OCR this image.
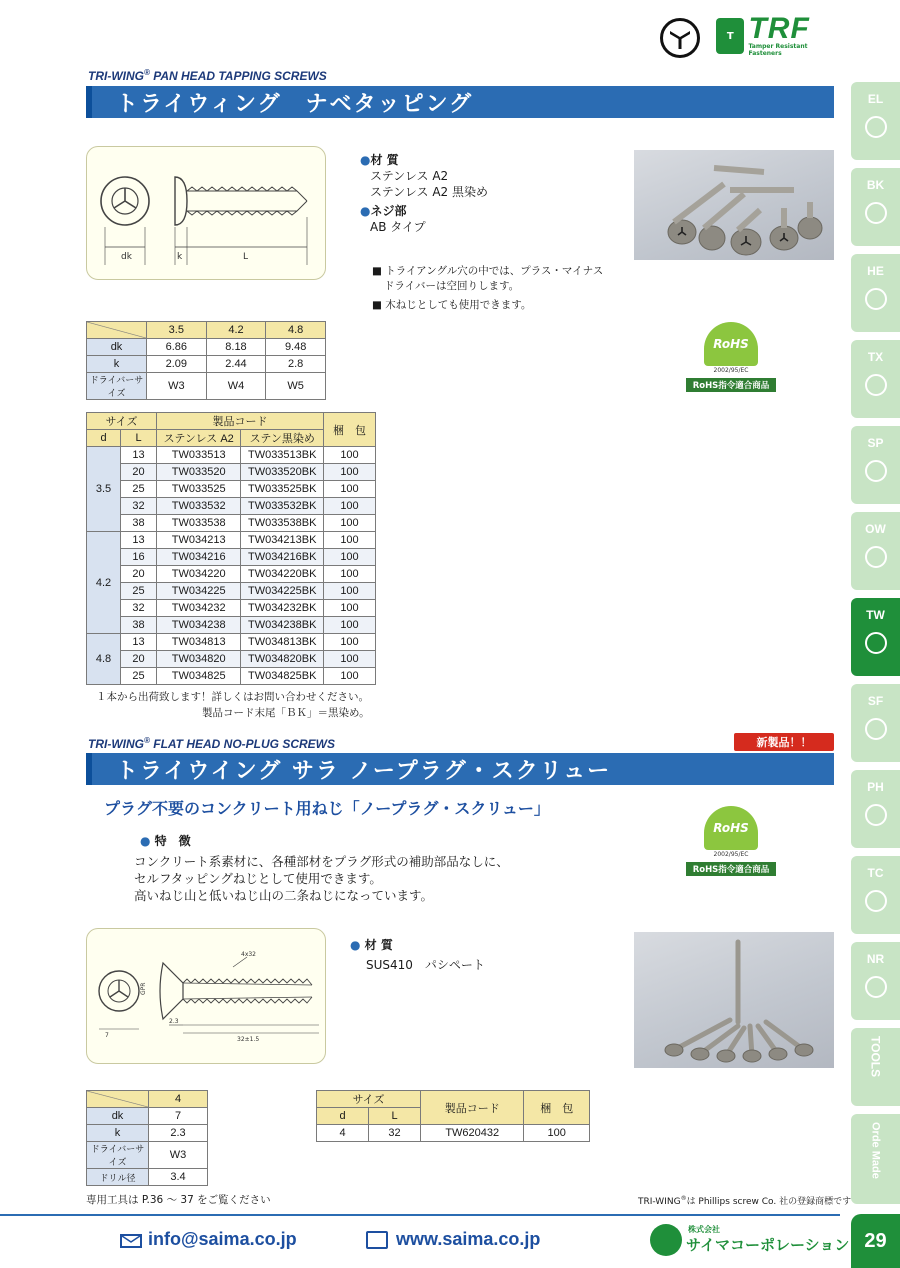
T TRF
Tamper Resistant Fasteners
TRI-WING® PAN HEAD TAPPING SCREWS
トライウィング　ナベタッピング
dk	k	L
●材 質
ステンレス A2
ステンレス A2 黒染め
●ネジ部
AB タイプ
■ トライアングル穴の中では、プラス・マイナス
ドライバーは空回りします。
■ 木ねじとしても使用できます。
RoHS
2002/95/EC
RoHS指令適合商品
	3.5	4.2	4.8
dk	6.86	8.18	9.48
k	2.09	2.44	2.8
ドライバーサイズ	W3	W4	W5
サイズ		製品コード		梱　包
d	L	ステンレス A2	ステン黒染め	
3.5	13	TW033513	TW033513BK	100
	20	TW033520	TW033520BK	100
	25	TW033525	TW033525BK	100
	32	TW033532	TW033532BK	100
	38	TW033538	TW033538BK	100
4.2	13	TW034213	TW034213BK	100
	16	TW034216	TW034216BK	100
	20	TW034220	TW034220BK	100
	25	TW034225	TW034225BK	100
	32	TW034232	TW034232BK	100
	38	TW034238	TW034238BK	100
4.8	13	TW034813	TW034813BK	100
	20	TW034820	TW034820BK	100
	25	TW034825	TW034825BK	100
１本から出荷致します！詳しくはお問い合わせください。
製品コード末尾「ＢＫ」＝黒染め。
新製品！！
TRI-WING® FLAT HEAD NO-PLUG SCREWS
トライウイング サラ ノープラグ・スクリュー
プラグ不要のコンクリート用ねじ「ノープラグ・スクリュー」
● 特　徴
コンクリート系素材に、各種部材をプラグ形式の補助部品なしに、
セルフタッピングねじとして使用できます。
高いねじ山と低いねじ山の二条ねじになっています。
RoHS
2002/95/EC
RoHS指令適合商品
4x32
GPR
7
2.3
32±1.5
● 材 質
SUS410　パシペート
	4
dk	7
k	2.3
ドライバーサイズ	W3
ドリル径	3.4
サイズ		製品コード	梱　包
d	L		
4	32	TW620432	100
専用工具は P.36 ～ 37 をご覧ください	TRI-WING®は Phillips screw Co. 社の登録商標です
EL
BK
HE
TX
SP
OW
TW
SF
PH
TC
NR
TOOLS
Orde Made
info@saima.co.jp	www.saima.co.jp	株式会社
サイマコーポレーション 29
